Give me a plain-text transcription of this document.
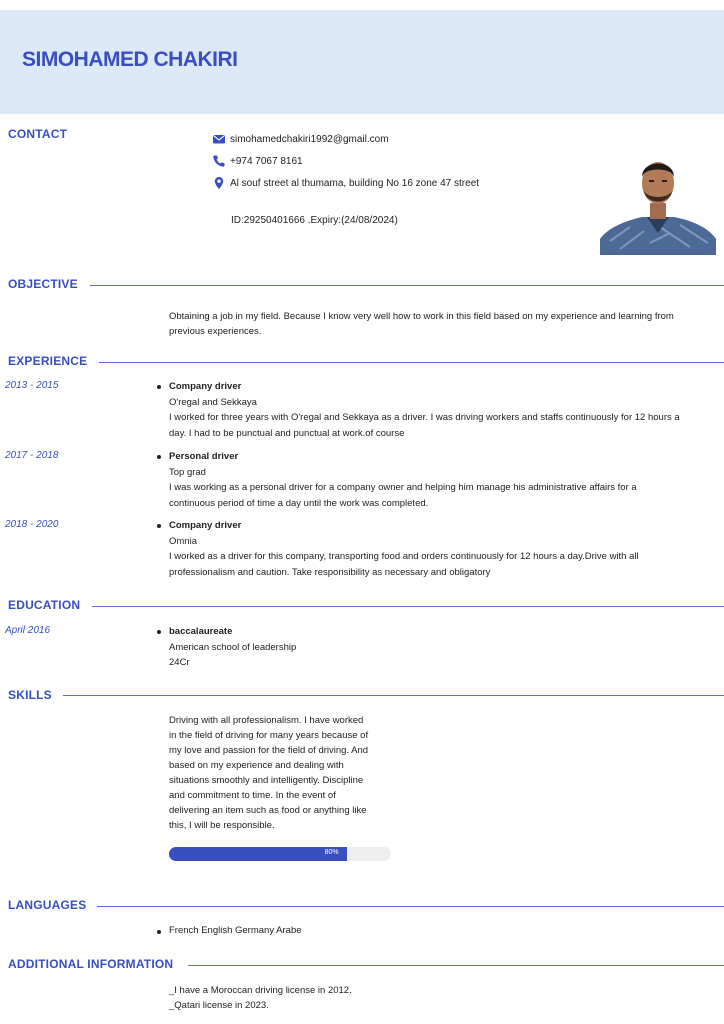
SIMOHAMED CHAKIRI
CONTACT	simohamedchakiri1992@gmail.com
+974 7067 8161
Al souf street al thumama, building No 16 zone 47 street
ID:29250401666 .Expiry:(24/08/2024)
OBJECTIVE
Obtaining a job in my field. Because I know very well how to work in this field based on my experience and learning from
previous experiences.
EXPERIENCE
2013 - 2015	Company driver
O'regal and Sekkaya
I worked for three years with O'regal and Sekkaya as a driver. I was driving workers and staffs continuously for 12 hours a
day. I had to be punctual and punctual at work.of course
2017 - 2018	Personal driver
Top grad
I was working as a personal driver for a company owner and helping him manage his administrative affairs for a
continuous period of time a day until the work was completed.
2018 - 2020	Company driver
Omnia
I worked as a driver for this company, transporting food and orders continuously for 12 hours a day.Drive with all
professionalism and caution. Take responsibility as necessary and obligatory
EDUCATION
April 2016	baccalaureate
American school of leadership
24Cr
SKILLS
Driving with all professionalism. I have worked
in the field of driving for many years because of
my love and passion for the field of driving. And
based on my experience and dealing with
situations smoothly and intelligently. Discipline
and commitment to time. In the event of
delivering an item such as food or anything like
this, I will be responsible.
80%
LANGUAGES
French English Germany Arabe
ADDITIONAL INFORMATION
_I have a Moroccan driving license in 2012.
_Qatari license in 2023.
